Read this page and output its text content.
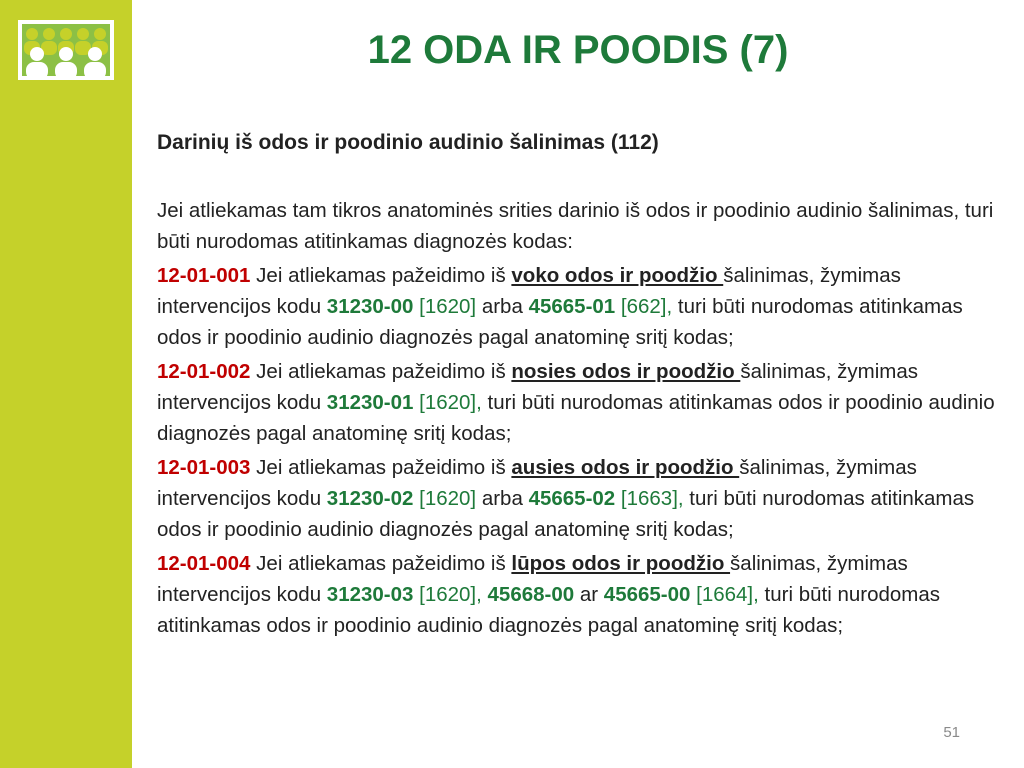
12 ODA IR POODIS (7)
Darinių iš odos ir poodinio audinio šalinimas (112)

Jei atliekamas tam tikros anatominės srities darinio iš odos ir poodinio audinio šalinimas, turi būti nurodomas atitinkamas diagnozės kodas:

12-01-001 Jei atliekamas pažeidimo iš voko odos ir poodžio šalinimas, žymimas intervencijos kodu 31230-00 [1620] arba 45665-01 [662], turi būti nurodomas atitinkamas odos ir poodinio audinio diagnozės pagal anatominę sritį kodas;

12-01-002 Jei atliekamas pažeidimo iš nosies odos ir poodžio šalinimas, žymimas intervencijos kodu 31230-01 [1620], turi būti nurodomas atitinkamas odos ir poodinio audinio diagnozės pagal anatominę sritį kodas;

12-01-003 Jei atliekamas pažeidimo iš ausies odos ir poodžio šalinimas, žymimas intervencijos kodu 31230-02 [1620] arba 45665-02 [1663], turi būti nurodomas atitinkamas odos ir poodinio audinio diagnozės pagal anatominę sritį kodas;

12-01-004 Jei atliekamas pažeidimo iš lūpos odos ir poodžio šalinimas, žymimas intervencijos kodu 31230-03 [1620], 45668-00 ar 45665-00 [1664], turi būti nurodomas atitinkamas odos ir poodinio audinio diagnozės pagal anatominę sritį kodas;

51
